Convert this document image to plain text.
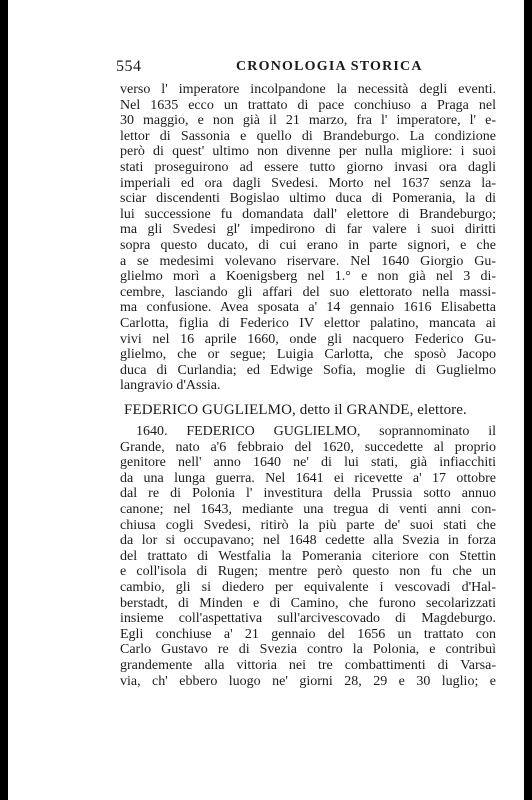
554	CRONOLOGIA STORICA
verso l' imperatore incolpandone la necessità degli eventi.
Nel 1635 ecco un trattato di pace conchiuso a Praga nel
30 maggio, e non già il 21 marzo, fra l' imperatore, l' e-
lettor di Sassonia e quello di Brandeburgo. La condizione
però di quest' ultimo non divenne per nulla migliore: i suoi
stati proseguirono ad essere tutto giorno invasi ora dagli
imperiali ed ora dagli Svedesi. Morto nel 1637 senza la-
sciar discendenti Bogislao ultimo duca di Pomerania, la di
lui successione fu domandata dall' elettore di Brandeburgo;
ma gli Svedesi gl' impedirono di far valere i suoi diritti
sopra questo ducato, di cui erano in parte signori, e che
a se medesimi volevano riservare. Nel 1640 Giorgio Gu-
glielmo morì a Koenigsberg nel 1.° e non già nel 3 di-
cembre, lasciando gli affari del suo elettorato nella massi-
ma confusione. Avea sposata a' 14 gennaio 1616 Elisabetta
Carlotta, figlia di Federico IV elettor palatino, mancata ai
vivi nel 16 aprile 1660, onde gli nacquero Federico Gu-
glielmo, che or segue; Luigia Carlotta, che sposò Jacopo
duca di Curlandia; ed Edwige Sofia, moglie di Guglielmo
langravio d'Assia.
FEDERICO GUGLIELMO, detto il GRANDE, elettore.
1640. FEDERICO GUGLIELMO, soprannominato il
Grande, nato a'6 febbraio del 1620, succedette al proprio
genitore nell' anno 1640 ne' di lui stati, già infiacchiti
da una lunga guerra. Nel 1641 ei ricevette a' 17 ottobre
dal re di Polonia l' investitura della Prussia sotto annuo
canone; nel 1643, mediante una tregua di venti anni con-
chiusa cogli Svedesi, ritirò la più parte de' suoi stati che
da lor si occupavano; nel 1648 cedette alla Svezia in forza
del trattato di Westfalia la Pomerania citeriore con Stettin
e coll'isola di Rugen; mentre però questo non fu che un
cambio, gli si diedero per equivalente i vescovadi d'Hal-
berstadt, di Minden e di Camino, che furono secolarizzati
insieme coll'aspettativa sull'arcivescovado di Magdeburgo.
Egli conchiuse a' 21 gennaio del 1656 un trattato con
Carlo Gustavo re di Svezia contro la Polonia, e contribuì
grandemente alla vittoria nei tre combattimenti di Varsa-
via, ch' ebbero luogo ne' giorni 28, 29 e 30 luglio; e
